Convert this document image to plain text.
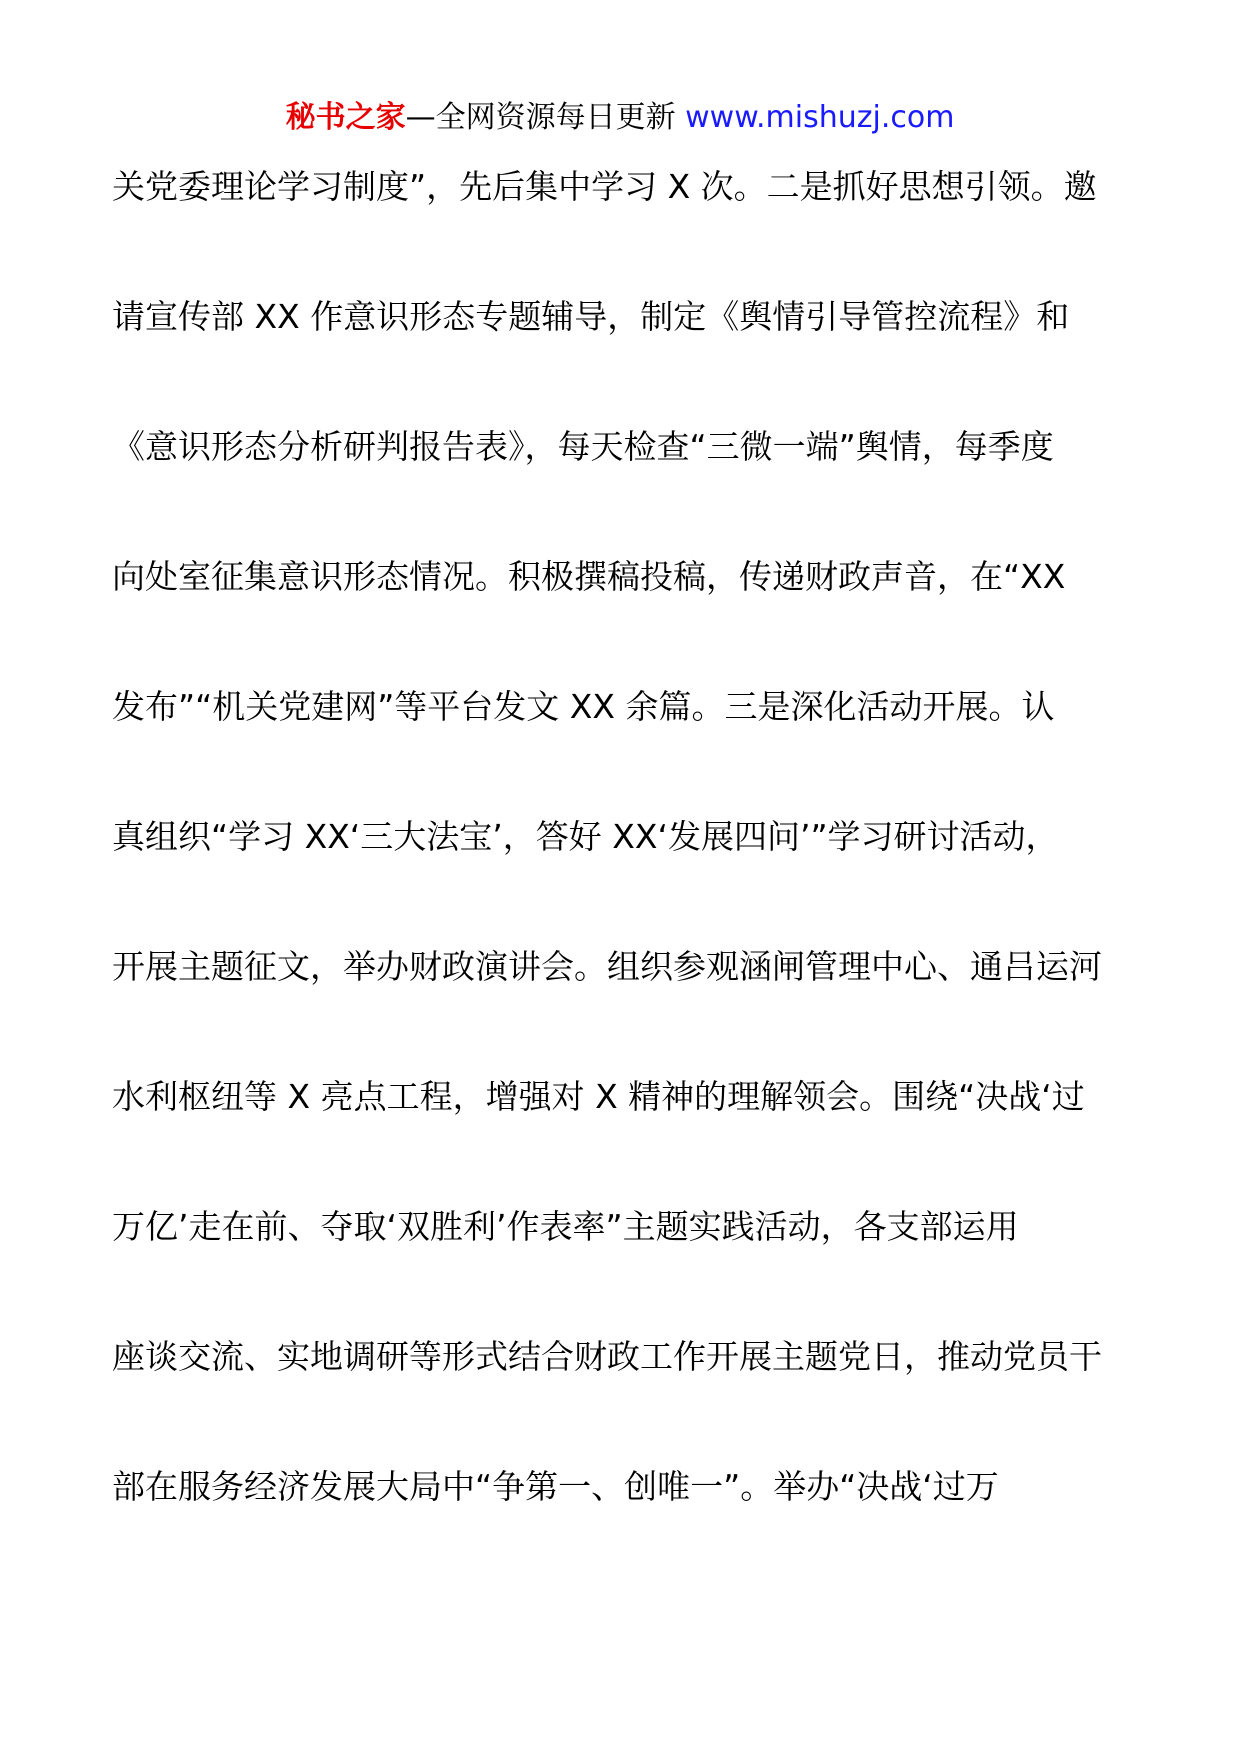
秘书之家—全网资源每日更新 www.mishuzj.com
关党委理论学习制度”，先后集中学习 X 次。二是抓好思想引领。邀
请宣传部 XX 作意识形态专题辅导，制定《舆情引导管控流程》和
《意识形态分析研判报告表》，每天检查“三微一端”舆情，每季度
向处室征集意识形态情况。积极撰稿投稿，传递财政声音，在“XX
发布”“机关党建网”等平台发文 XX 余篇。三是深化活动开展。认
真组织“学习 XX‘三大法宝’，答好 XX‘发展四问’”学习研讨活动，
开展主题征文，举办财政演讲会。组织参观涵闸管理中心、通吕运河
水利枢纽等 X 亮点工程，增强对 X 精神的理解领会。围绕“决战‘过
万亿’走在前、夺取‘双胜利’作表率”主题实践活动，各支部运用
座谈交流、实地调研等形式结合财政工作开展主题党日，推动党员干
部在服务经济发展大局中“争第一、创唯一”。举办“决战‘过万
